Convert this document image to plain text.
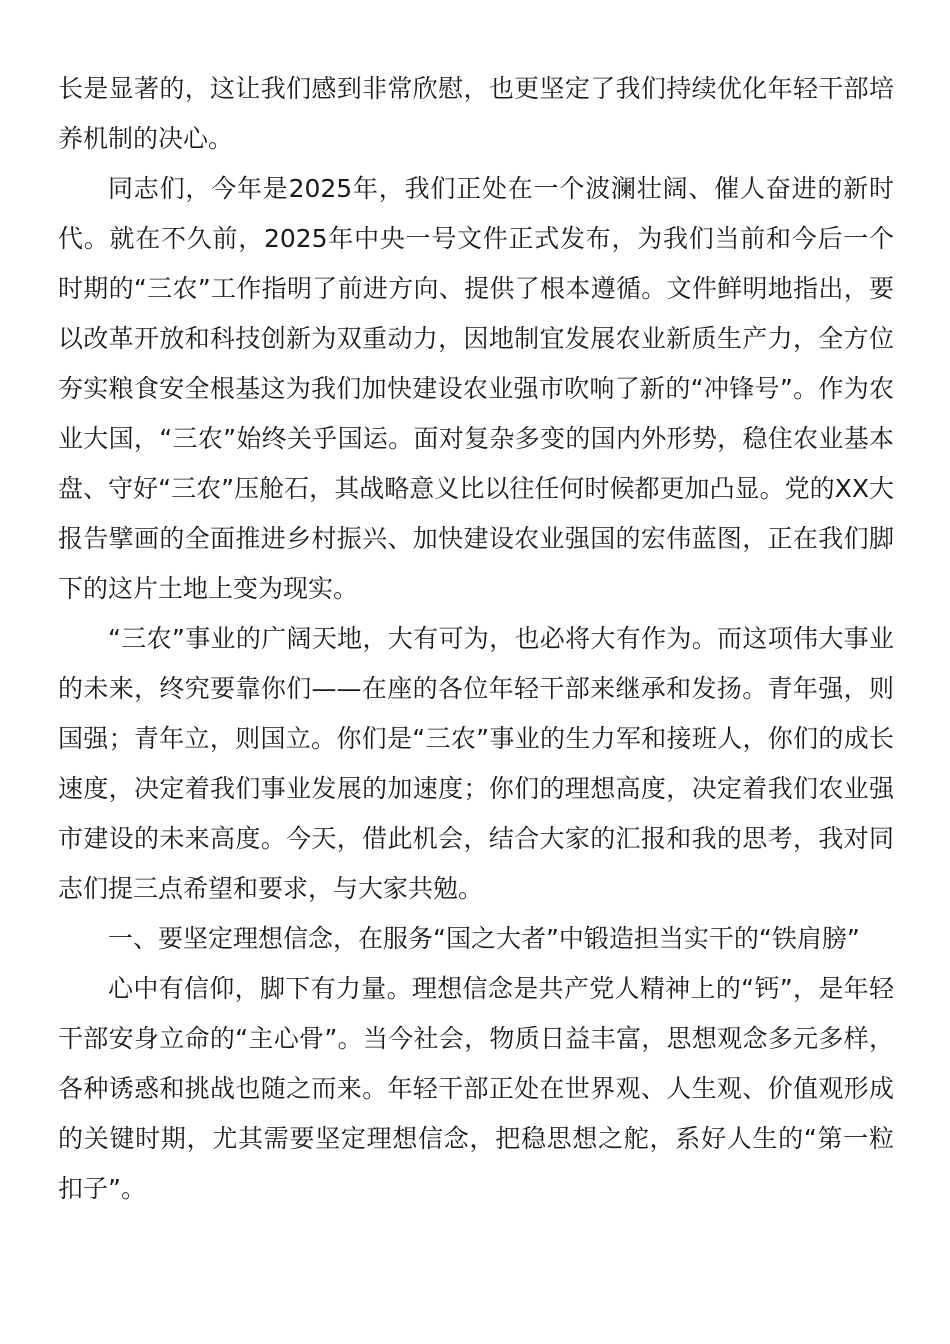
长是显著的，这让我们感到非常欣慰，也更坚定了我们持续优化年轻干部培养机制的决心。

同志们，今年是2025年，我们正处在一个波澜壮阔、催人奋进的新时代。就在不久前，2025年中央一号文件正式发布，为我们当前和今后一个时期的“三农”工作指明了前进方向、提供了根本遵循。文件鲜明地指出，要以改革开放和科技创新为双重动力，因地制宜发展农业新质生产力，全方位夯实粮食安全根基这为我们加快建设农业强市吹响了新的“冲锋号”。作为农业大国，“三农”始终关乎国运。面对复杂多变的国内外形势，稳住农业基本盘、守好“三农”压舱石，其战略意义比以往任何时候都更加凸显。党的XX大报告擘画的全面推进乡村振兴、加快建设农业强国的宏伟蓝图，正在我们脚下的这片土地上变为现实。

“三农”事业的广阔天地，大有可为，也必将大有作为。而这项伟大事业的未来，终究要靠你们——在座的各位年轻干部来继承和发扬。青年强，则国强；青年立，则国立。你们是“三农”事业的生力军和接班人，你们的成长速度，决定着我们事业发展的加速度；你们的理想高度，决定着我们农业强市建设的未来高度。今天，借此机会，结合大家的汇报和我的思考，我对同志们提三点希望和要求，与大家共勉。

一、要坚定理想信念，在服务“国之大者”中锻造担当实干的“铁肩膀”

心中有信仰，脚下有力量。理想信念是共产党人精神上的“钙”，是年轻干部安身立命的“主心骨”。当今社会，物质日益丰富，思想观念多元多样，各种诱惑和挑战也随之而来。年轻干部正处在世界观、人生观、价值观形成的关键时期，尤其需要坚定理想信念，把稳思想之舵，系好人生的“第一粒扣子”。
